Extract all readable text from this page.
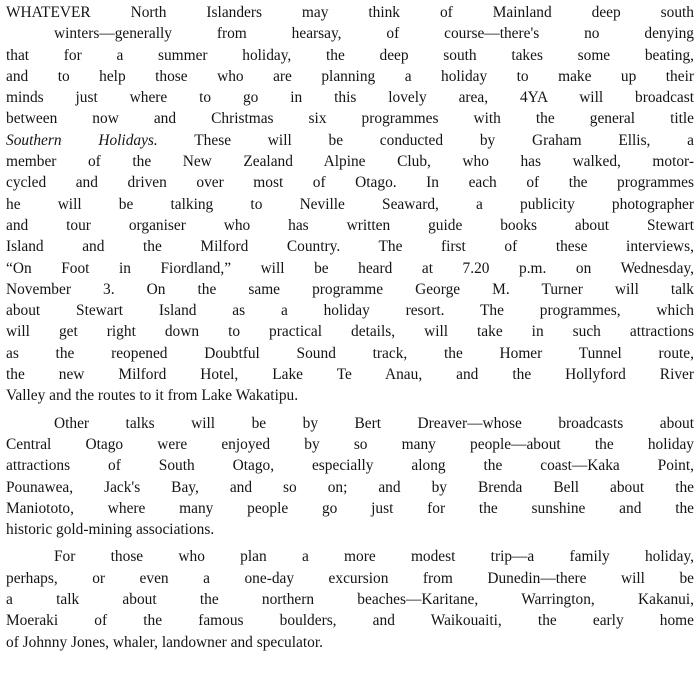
WHATEVER North Islanders may think of Mainland deep south
winters—generally from hearsay, of course—there's no denying
that for a summer holiday, the deep south takes some beating,
and to help those who are planning a holiday to make up their
minds just where to go in this lovely area, 4YA will broadcast
between now and Christmas six programmes with the general title
Southern Holidays. These will be conducted by Graham Ellis, a
member of the New Zealand Alpine Club, who has walked, motor-
cycled and driven over most of Otago. In each of the programmes
he will be talking to Neville Seaward, a publicity photographer
and tour organiser who has written guide books about Stewart
Island and the Milford Country. The first of these interviews,
“On Foot in Fiordland,” will be heard at 7.20 p.m. on Wednesday,
November 3. On the same programme George M. Turner will talk
about Stewart Island as a holiday resort. The programmes, which
will get right down to practical details, will take in such attractions
as the reopened Doubtful Sound track, the Homer Tunnel route,
the new Milford Hotel, Lake Te Anau, and the Hollyford River
Valley and the routes to it from Lake Wakatipu.
Other talks will be by Bert Dreaver—whose broadcasts about
Central Otago were enjoyed by so many people—about the holiday
attractions of South Otago, especially along the coast—Kaka Point,
Pounawea, Jack's Bay, and so on; and by Brenda Bell about the
Maniototo, where many people go just for the sunshine and the
historic gold-mining associations.
For those who plan a more modest trip—a family holiday,
perhaps, or even a one-day excursion from Dunedin—there will be
a talk about the northern beaches—Karitane, Warrington, Kakanui,
Moeraki of the famous boulders, and Waikouaiti, the early home
of Johnny Jones, whaler, landowner and speculator.
